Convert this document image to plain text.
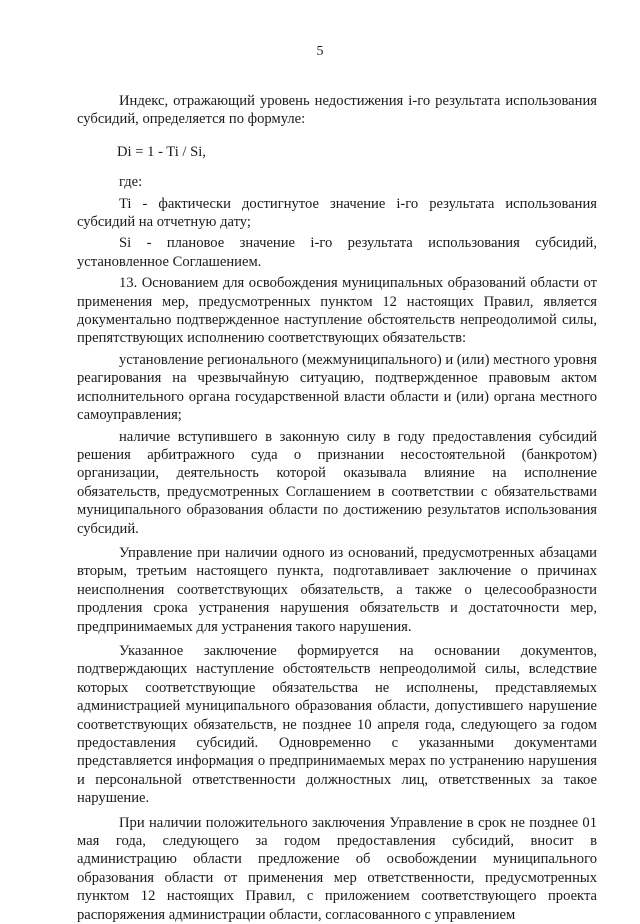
5

Индекс, отражающий уровень недостижения i-го результата использования субсидий, определяется по формуле:

Di = 1 - Ti / Si,

где:

Ti - фактически достигнутое значение i-го результата использования субсидий на отчетную дату;

Si - плановое значение i-го результата использования субсидий, установленное Соглашением.

13. Основанием для освобождения муниципальных образований области от применения мер, предусмотренных пунктом 12 настоящих Правил, является документально подтвержденное наступление обстоятельств непреодолимой силы, препятствующих исполнению соответствующих обязательств:

установление регионального (межмуниципального) и (или) местного уровня реагирования на чрезвычайную ситуацию, подтвержденное правовым актом исполнительного органа государственной власти области и (или) органа местного самоуправления;

наличие вступившего в законную силу в году предоставления субсидий решения арбитражного суда о признании несостоятельной (банкротом) организации, деятельность которой оказывала влияние на исполнение обязательств, предусмотренных Соглашением в соответствии с обязательствами муниципального образования области по достижению результатов использования субсидий.

Управление при наличии одного из оснований, предусмотренных абзацами вторым, третьим настоящего пункта, подготавливает заключение о причинах неисполнения соответствующих обязательств, а также о целесообразности продления срока устранения нарушения обязательств и достаточности мер, предпринимаемых для устранения такого нарушения.

Указанное заключение формируется на основании документов, подтверждающих наступление обстоятельств непреодолимой силы, вследствие которых соответствующие обязательства не исполнены, представляемых администрацией муниципального образования области, допустившего нарушение соответствующих обязательств, не позднее 10 апреля года, следующего за годом предоставления субсидий. Одновременно с указанными документами представляется информация о предпринимаемых мерах по устранению нарушения и персональной ответственности должностных лиц, ответственных за такое нарушение.

При наличии положительного заключения Управление в срок не позднее 01 мая года, следующего за годом предоставления субсидий, вносит в администрацию области предложение об освобождении муниципального образования области от применения мер ответственности, предусмотренных пунктом 12 настоящих Правил, с приложением соответствующего проекта распоряжения администрации области, согласованного с управлением
